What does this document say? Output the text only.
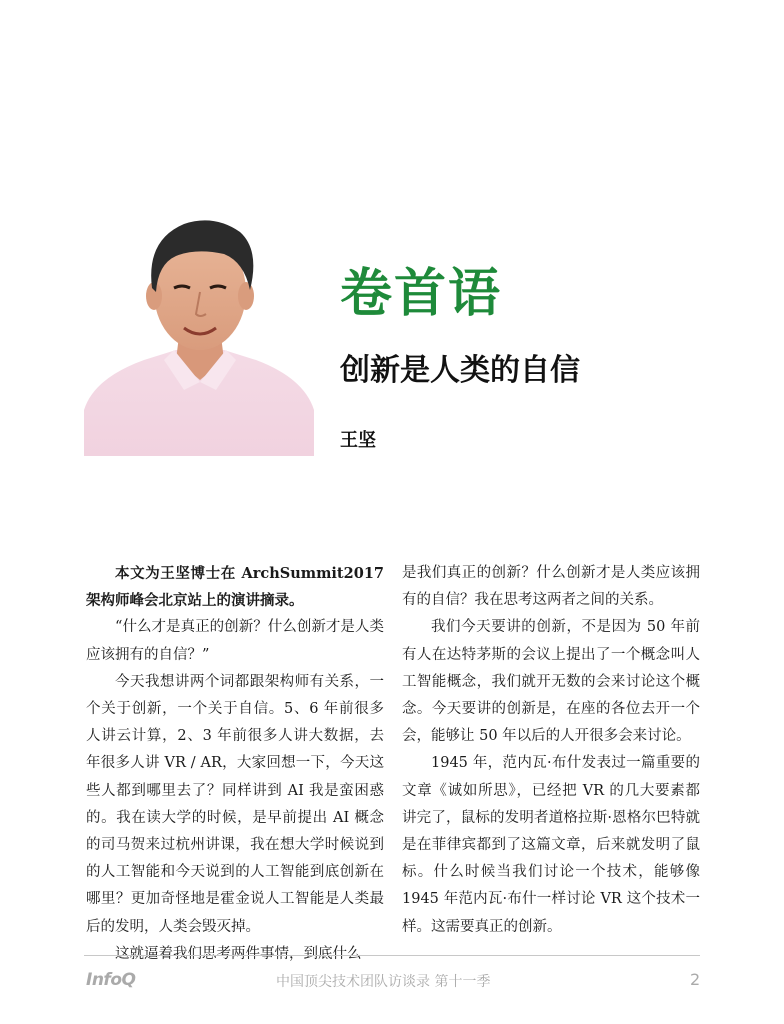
卷首语
创新是人类的自信
王坚

本文为王坚博士在 ArchSummit2017 架构师峰会北京站上的演讲摘录。

“什么才是真正的创新？什么创新才是人类应该拥有的自信？”

今天我想讲两个词都跟架构师有关系，一个关于创新，一个关于自信。5、6 年前很多人讲云计算，2、3 年前很多人讲大数据，去年很多人讲 VR / AR，大家回想一下，今天这些人都到哪里去了？同样讲到 AI 我是蛮困惑的。我在读大学的时候，是早前提出 AI 概念的司马贺来过杭州讲课，我在想大学时候说到的人工智能和今天说到的人工智能到底创新在哪里？更加奇怪地是霍金说人工智能是人类最后的发明，人类会毁灭掉。

这就逼着我们思考两件事情，到底什么

是我们真正的创新？什么创新才是人类应该拥有的自信？我在思考这两者之间的关系。

我们今天要讲的创新，不是因为 50 年前有人在达特茅斯的会议上提出了一个概念叫人工智能概念，我们就开无数的会来讨论这个概念。今天要讲的创新是，在座的各位去开一个会，能够让 50 年以后的人开很多会来讨论。

1945 年，范内瓦·布什发表过一篇重要的文章《诚如所思》，已经把 VR 的几大要素都讲完了，鼠标的发明者道格拉斯·恩格尔巴特就是在菲律宾都到了这篇文章，后来就发明了鼠标。什么时候当我们讨论一个技术，能够像 1945 年范内瓦·布什一样讨论 VR 这个技术一样。这需要真正的创新。

InfoQ	中国顶尖技术团队访谈录 第十一季	2
